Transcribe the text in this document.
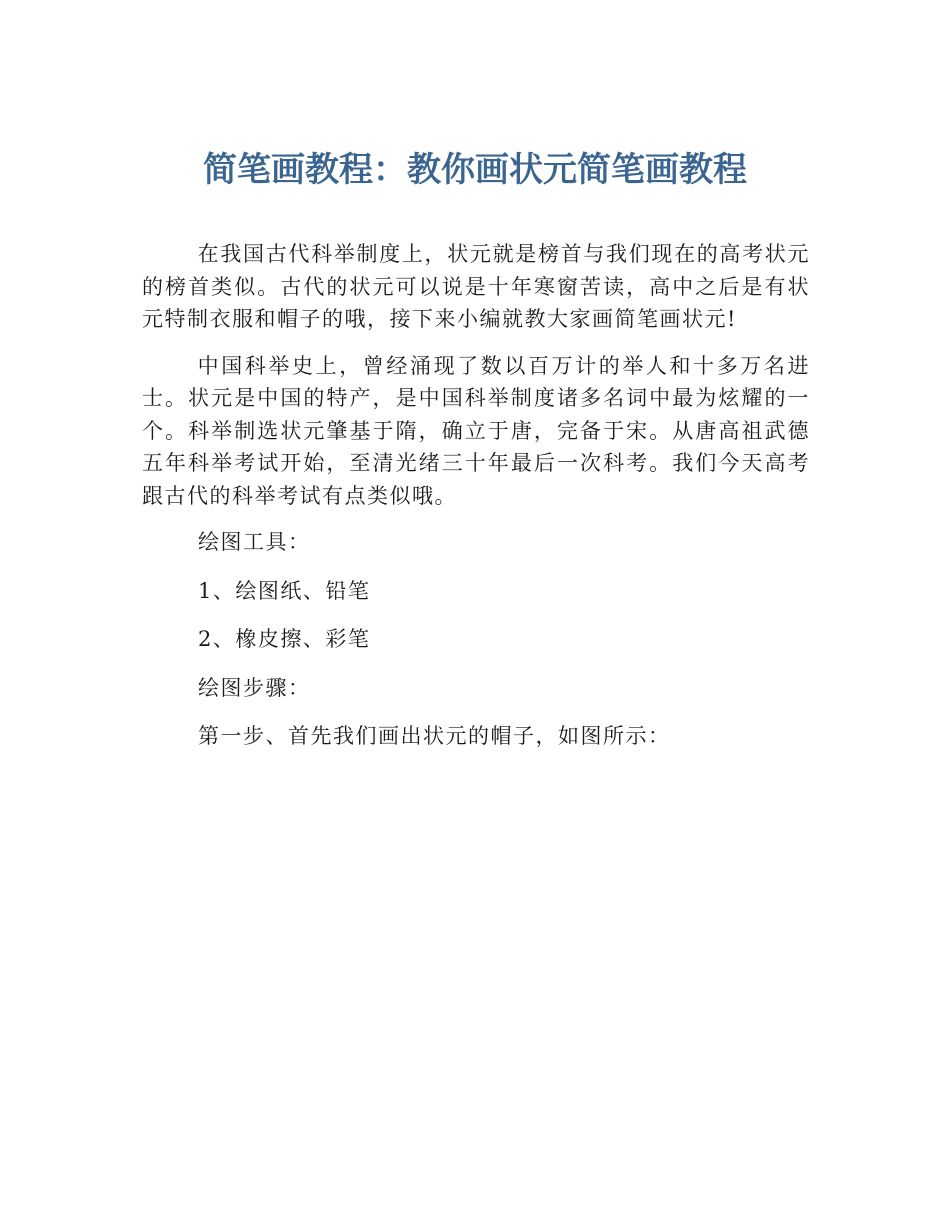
简笔画教程：教你画状元简笔画教程

在我国古代科举制度上，状元就是榜首与我们现在的高考状元的榜首类似。古代的状元可以说是十年寒窗苦读，高中之后是有状元特制衣服和帽子的哦，接下来小编就教大家画简笔画状元!

中国科举史上，曾经涌现了数以百万计的举人和十多万名进士。状元是中国的特产，是中国科举制度诸多名词中最为炫耀的一个。科举制选状元肇基于隋，确立于唐，完备于宋。从唐高祖武德五年科举考试开始，至清光绪三十年最后一次科考。我们今天高考跟古代的科举考试有点类似哦。

绘图工具：

1、绘图纸、铅笔

2、橡皮擦、彩笔

绘图步骤：

第一步、首先我们画出状元的帽子，如图所示：
